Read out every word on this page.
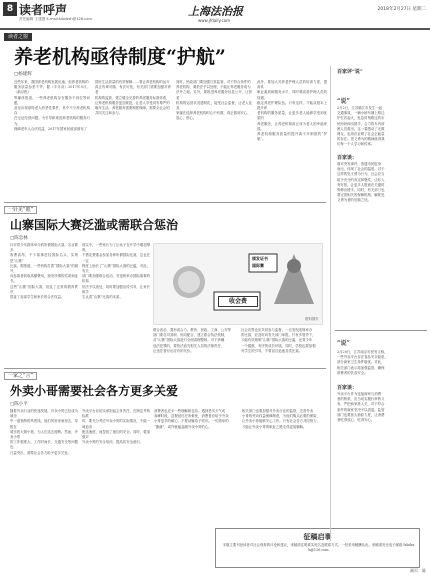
8 读者呼声
责任编辑 王建慧 E-mail:fzbdzsh@126.com
上海法治报
www.jfdaily.com
2018年2月27日 星期二
读者之窗
养老机构亟待制度“护航”
□杨建辉
近些年来，我国养老机构发展迅速，但养老机构的
服务质量参差不齐。据《半月谈》2017年9月、《新京报》
等媒体报道，一些养老机构存在服务不到位等问题，
甚至出现虐待老人的恶性事件，其中不少养老机构存
在无证经营问题。为引导和规范养老机构的服务行为，
保障老年人合法权益，2017年国家民政部颁布了
国民生活质量的有效保障……要让养老机构的运行
真正有章可循、有法可依，有关部门需要加强对养老
机构的监管，建立健全完善的养老服务标准体系，
让养老机构服务更加规范，让老人享受到有尊严的
晚年生活。养老服务需要制度保障，需要全社会的
共同关注和参与。
同时，民政部门要加强日常监管，对不符合条件的
养老机构，要依法予以处理，不能让养老服务成为
法外之地。另外，要推进养老服务信息公开，让养老
机构的运营状况透明化，接受社会监督，让老人及其
家属在选择养老机构时心中有数，真正做到安心、
放心、舒心。
此外，要加大对养老护理人员的培训力度，提高其
职业素质和服务水平，同时要改善护理人员的待遇，
稳定养老护理队伍。只有这样，才能从根本上提升养
老机构的服务质量，让更多老人能够享受到优质的
养老服务，让养老机构真正成为老人的幸福家园。
养老机构服务质量的提升离不开制度的“护航”。
一针见“眼”
山寨国际大赛泛滥或需联合惩治
□陈忠林
针对青少年群体举办的所谓国际大赛，名目繁多、
收费高昂，不少赛事虚挂国际名头，实则是“山寨”
比赛。据报道，一些机构打着“国际大赛”的旗号，
向参赛者收取高额费用，颁发所谓的奖项和证书。
这些“山寨”国际大赛，扰乱了正常的教育秩序，
损害了参赛学生和家长的合法权益。
现实中，一些家长为了让孩子在升学中增加筹码，
不惜花费重金参加各种所谓国际比赛，这也在一定
程度上助长了“山寨”国际大赛的泛滥。对此，有关
部门要加强联合惩治，对违规举办国际赛事的机构
依法予以查处，同时要加强宣传引导，让家长和学
生认清“山寨”比赛的本质。
收会费
颁发证书
国际赛
资料图片
联合惩治，要形成合力。教育、民政、工商、公安等
部门要各司其职、协同配合，建立联合执法机制，
对“山寨”国际大赛进行全面清理整顿。对于涉嫌
违法犯罪的，要依法追究相关人员的法律责任，
让违法者付出应有的代价。
社会各界也应共同参与监督，一旦发现违规举办
的比赛，应及时向有关部门举报。只有多管齐下，
才能有效遏制“山寨”国际大赛的泛滥，还青少年
一个健康、有序的成长环境。同时，学校也要加强
对学生的引导，不要盲目追逐各类比赛。
一家之“言”
外卖小哥需要社会各方更多关爱
□陈小平
随着外卖行业的快速发展，外卖小哥已经成为城市
中一道独特的风景线。他们风里来雨里去，穿梭在
城市的大街小巷，为人们送去便利。然而，外卖小哥
的工作强度大、工作时间长，交通安全等问题也
日益突出，需要社会各方给予更多关爱。
外卖平台应切实承担起主体责任，在制定考核标准
时，要充分考虑外卖小哥的实际情况，不能一味追求
配送速度，而忽视了他们的安全。同时，要加强对
外卖小哥的安全培训，提高其安全意识。
消费者也应多一些理解和包容。遇到恶劣天气或
高峰时段，送餐延迟在所难免，消费者应给予外卖
小哥更多的耐心，不要动辄给予差评。一句简单的
“谢谢”，或许就能温暖外卖小哥的心。
相关部门也要加强对外卖行业的监管，完善外卖
小哥的劳动权益保障制度，为他们购买必要的保险，
让外卖小哥能够安心工作。只有社会各方共同努力，
才能让外卖小哥的职业之路走得更加顺畅。
征稿启事
本版主要刊登读者对社会现象的评论和建议，来稿请注明真实姓名及联系方式，一经采用稿酬从优，来稿请发至电子邮箱 fzbdzsh@126.com
百家评“说”
“说”
2月2日，江苏镇江市发生一起
交通事故，一辆小轿车撞上路边
护栏后起火，危急时刻路过的市
民纷纷伸出援手，合力将车内被
困人员救出。这一幕感动了无数
网友，也再次证明了社会正能量
的存在。见义勇为的精神值得我
们每一个人学习和传承。
百家谈：
面对突发事件，普通市民挺身
而出，体现了社会的温度。对于
这样的见义勇为行为，社会应当
给予充分的肯定和褒奖，让好人
有好报，让更多人愿意在关键时
刻伸出援手。同时，有关部门也
要完善相关的保障机制，解除见
义勇为者的后顾之忧。
“说”
2月20日，江苏南京市民发文称，
一些外卖平台存在食品安全隐患，
部分商家卫生条件堪忧。对此，
相关部门表示将加强监管，确保
消费者的饮食安全。
百家谈：
外卖平台作为连接商家与消费
者的桥梁，应当切实履行审核义
务，严把商家准入关，对不符合
条件的商家坚决予以清退。监管
部门也要加大抽检力度，让消费
者吃得放心、吃得安心。
画页：陈
